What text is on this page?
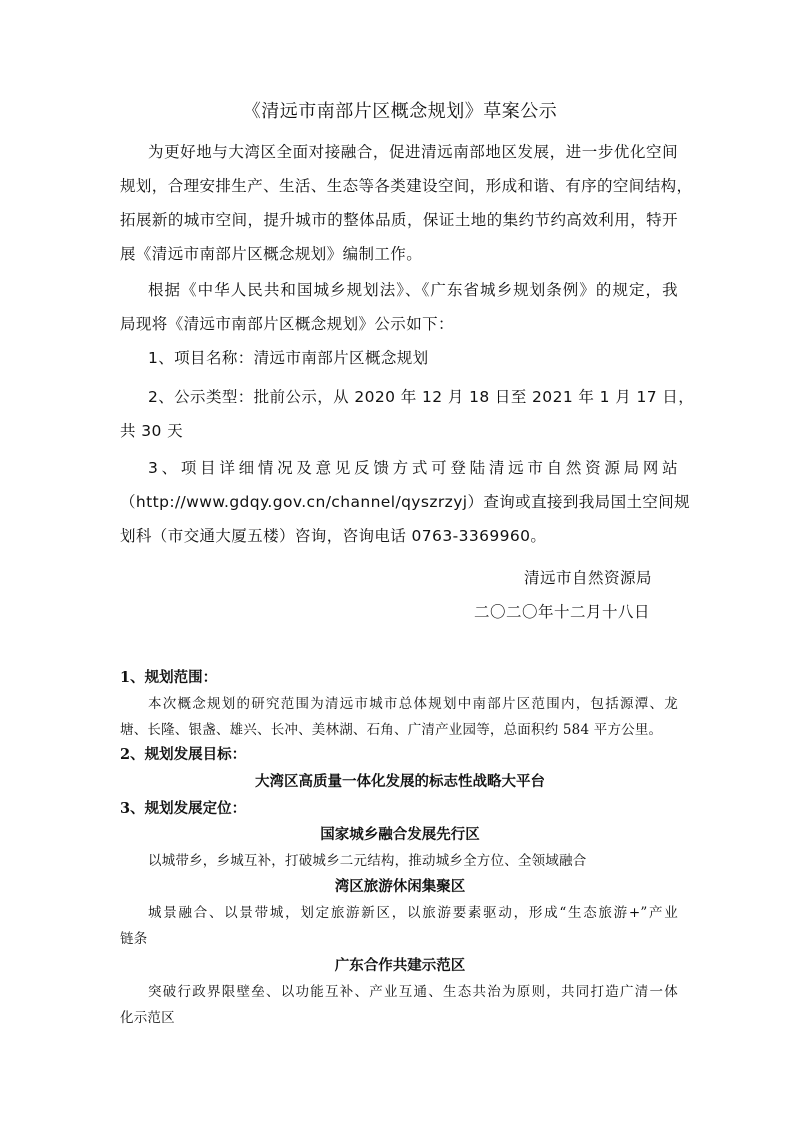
《清远市南部片区概念规划》草案公示
为更好地与大湾区全面对接融合，促进清远南部地区发展，进一步优化空间
规划，合理安排生产、生活、生态等各类建设空间，形成和谐、有序的空间结构，
拓展新的城市空间，提升城市的整体品质，保证土地的集约节约高效利用，特开
展《清远市南部片区概念规划》编制工作。
根据《中华人民共和国城乡规划法》、《广东省城乡规划条例》的规定，我
局现将《清远市南部片区概念规划》公示如下：
1、项目名称：清远市南部片区概念规划
2、公示类型：批前公示，从 2020 年 12 月 18 日至 2021 年 1 月 17 日，
共 30 天
3、项目详细情况及意见反馈方式可登陆清远市自然资源局网站
（http://www.gdqy.gov.cn/channel/qyszrzyj）查询或直接到我局国土空间规
划科（市交通大厦五楼）咨询，咨询电话 0763-3369960。
清远市自然资源局
二〇二〇年十二月十八日
1、规划范围：
本次概念规划的研究范围为清远市城市总体规划中南部片区范围内，包括源潭、龙
塘、长隆、银盏、雄兴、长冲、美林湖、石角、广清产业园等，总面积约 584 平方公里。
2、规划发展目标：
大湾区高质量一体化发展的标志性战略大平台
3、规划发展定位：
国家城乡融合发展先行区
以城带乡，乡城互补，打破城乡二元结构，推动城乡全方位、全领域融合
湾区旅游休闲集聚区
城景融合、以景带城，划定旅游新区，以旅游要素驱动，形成“生态旅游+”产业
链条
广东合作共建示范区
突破行政界限壁垒、以功能互补、产业互通、生态共治为原则，共同打造广清一体
化示范区
